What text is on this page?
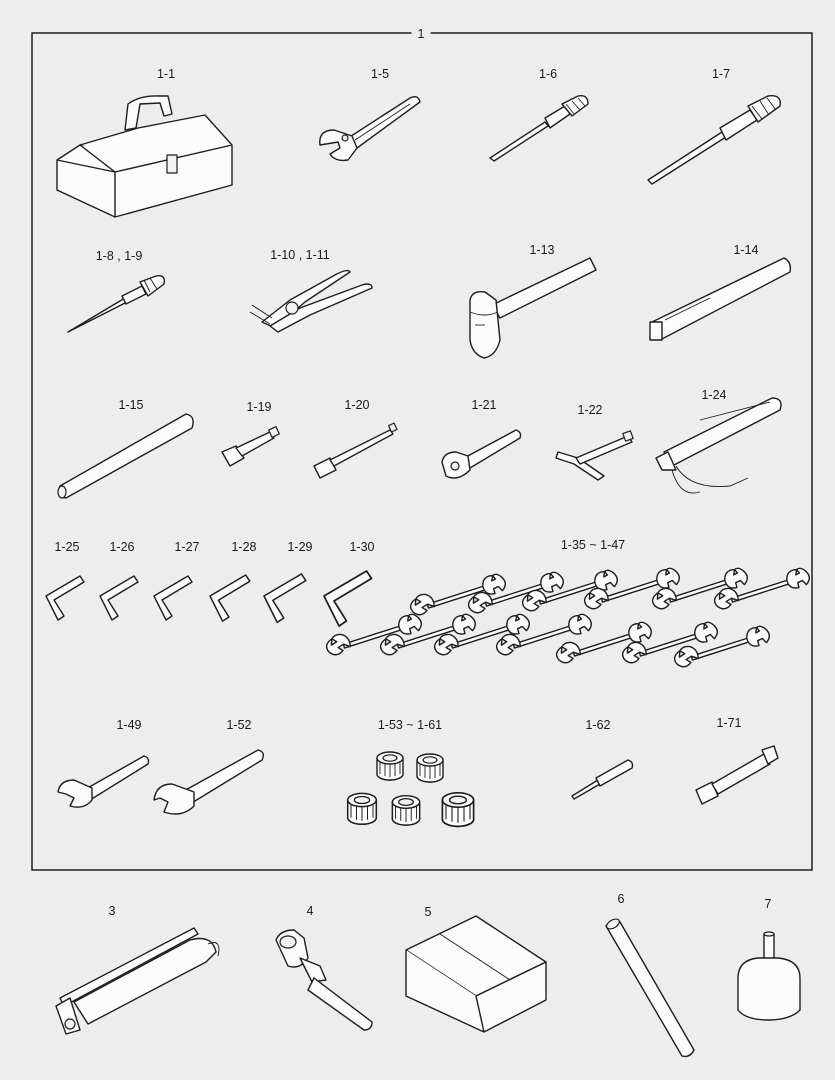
1
1-1	1-5	1-6	1-7
1-8 , 1-9	1-10 , 1-11	1-13	1-14
1-15	1-19	1-20	1-21	1-22
1-24
1-25 1-26	1-27	1-28 1-29	1-30	1-35 ~ 1-47
1-49	1-52	1-53 ~ 1-61	1-62	1-71
3	4	5
6	7
